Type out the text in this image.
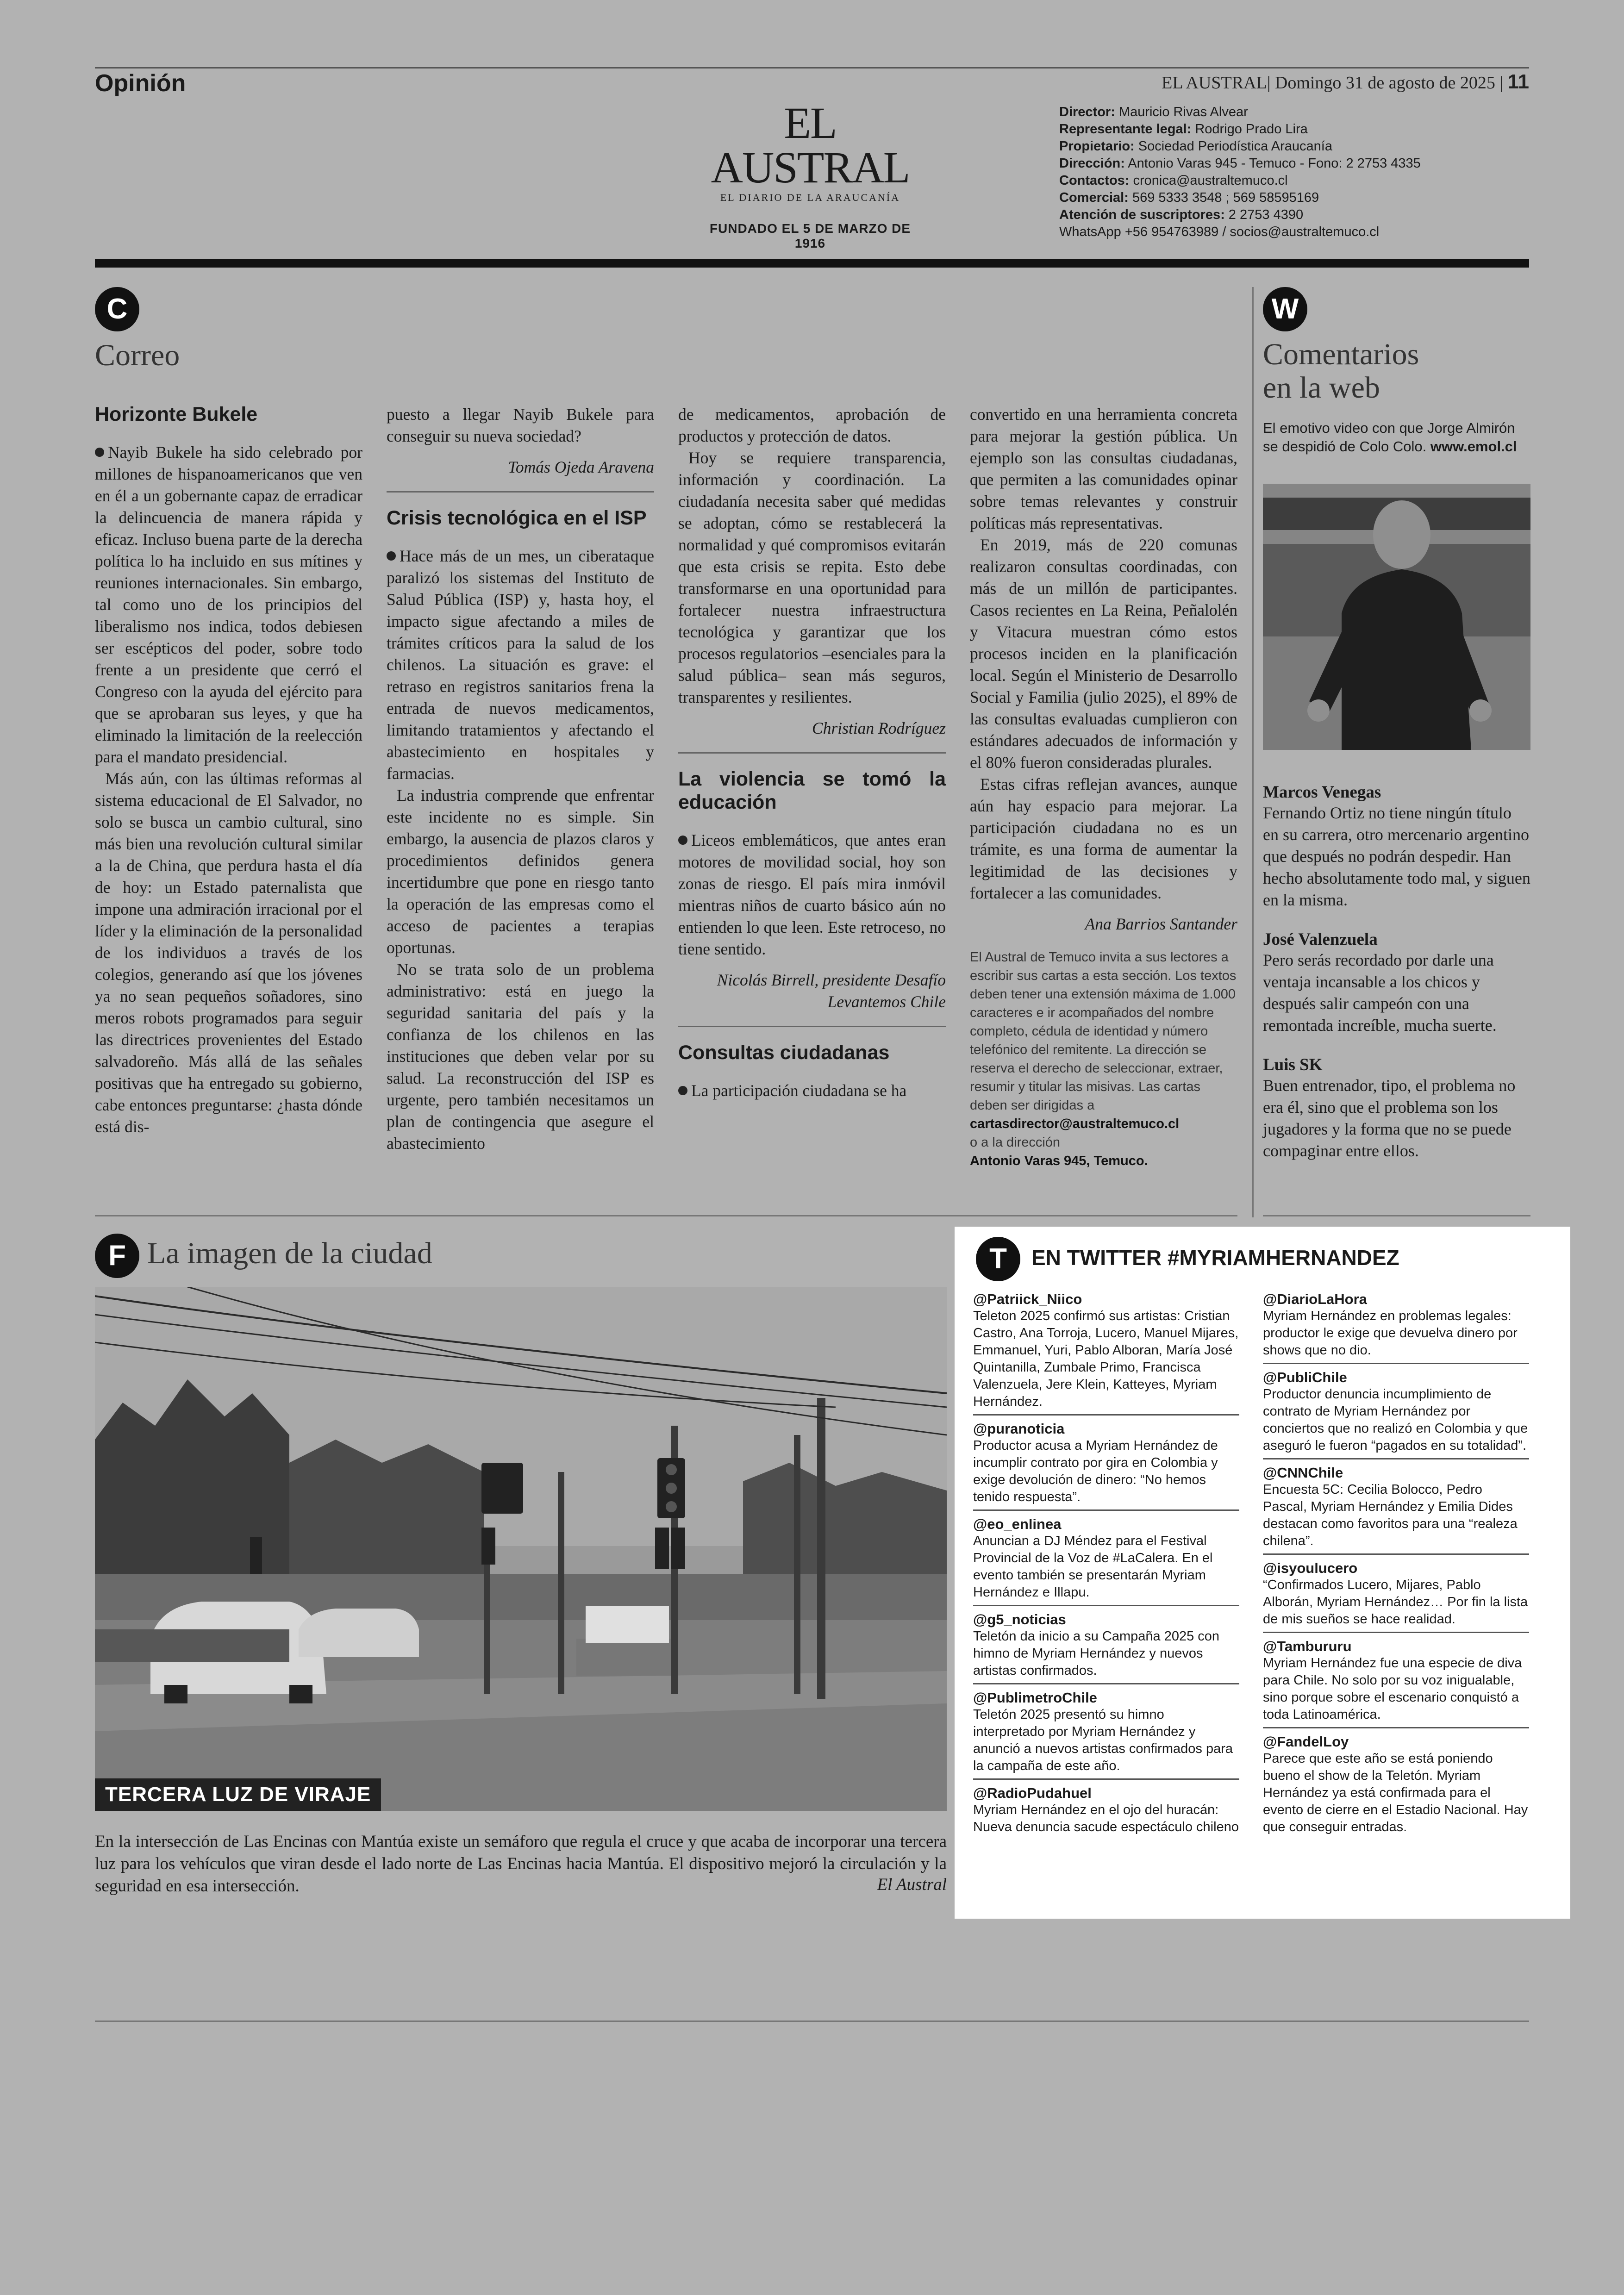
Opinión	EL AUSTRAL| Domingo 31 de agosto de 2025 | 11
EL AUSTRAL
EL DIARIO DE LA ARAUCANÍA
FUNDADO EL 5 DE MARZO DE 1916
Director: Mauricio Rivas Alvear
Representante legal: Rodrigo Prado Lira
Propietario: Sociedad Periodística Araucanía
Dirección: Antonio Varas 945 - Temuco - Fono: 2 2753 4335
Contactos: cronica@australtemuco.cl
Comercial: 569 5333 3548 ; 569 58595169
Atención de suscriptores: 2 2753 4390
WhatsApp +56 954763989 / socios@australtemuco.cl
C
Correo
Horizonte Bukele

Nayib Bukele ha sido celebrado por millones de hispanoamericanos que ven en él a un gobernante capaz de erradicar la delincuencia de manera rápida y eficaz. Incluso buena parte de la derecha política lo ha incluido en sus mítines y reuniones internacionales. Sin embargo, tal como uno de los principios del liberalismo nos indica, todos debiesen ser escépticos del poder, sobre todo frente a un presidente que cerró el Congreso con la ayuda del ejército para que se aprobaran sus leyes, y que ha eliminado la limitación de la reelección para el mandato presidencial.

Más aún, con las últimas reformas al sistema educacional de El Salvador, no solo se busca un cambio cultural, sino más bien una revolución cultural similar a la de China, que perdura hasta el día de hoy: un Estado paternalista que impone una admiración irracional por el líder y la eliminación de la personalidad de los individuos a través de los colegios, generando así que los jóvenes ya no sean pequeños soñadores, sino meros robots programados para seguir las directrices provenientes del Estado salvadoreño. Más allá de las señales positivas que ha entregado su gobierno, cabe entonces preguntarse: ¿hasta dónde está dis-

puesto a llegar Nayib Bukele para conseguir su nueva sociedad?

Tomás Ojeda Aravena
Crisis tecnológica en el ISP

Hace más de un mes, un ciberataque paralizó los sistemas del Instituto de Salud Pública (ISP) y, hasta hoy, el impacto sigue afectando a miles de trámites críticos para la salud de los chilenos. La situación es grave: el retraso en registros sanitarios frena la entrada de nuevos medicamentos, limitando tratamientos y afectando el abastecimiento en hospitales y farmacias.

La industria comprende que enfrentar este incidente no es simple. Sin embargo, la ausencia de plazos claros y procedimientos definidos genera incertidumbre que pone en riesgo tanto la operación de las empresas como el acceso de pacientes a terapias oportunas.

No se trata solo de un problema administrativo: está en juego la seguridad sanitaria del país y la confianza de los chilenos en las instituciones que deben velar por su salud. La reconstrucción del ISP es urgente, pero también necesitamos un plan de contingencia que asegure el abastecimiento

de medicamentos, aprobación de productos y protección de datos.

Hoy se requiere transparencia, información y coordinación. La ciudadanía necesita saber qué medidas se adoptan, cómo se restablecerá la normalidad y qué compromisos evitarán que esta crisis se repita. Esto debe transformarse en una oportunidad para fortalecer nuestra infraestructura tecnológica y garantizar que los procesos regulatorios –esenciales para la salud pública– sean más seguros, transparentes y resilientes.

Christian Rodríguez
La violencia se tomó la educación

Liceos emblemáticos, que antes eran motores de movilidad social, hoy son zonas de riesgo. El país mira inmóvil mientras niños de cuarto básico aún no entienden lo que leen. Este retroceso, no tiene sentido.

Nicolás Birrell, presidente Desafío Levantemos Chile
Consultas ciudadanas

La participación ciudadana se ha

convertido en una herramienta concreta para mejorar la gestión pública. Un ejemplo son las consultas ciudadanas, que permiten a las comunidades opinar sobre temas relevantes y construir políticas más representativas.

En 2019, más de 220 comunas realizaron consultas coordinadas, con más de un millón de participantes. Casos recientes en La Reina, Peñalolén y Vitacura muestran cómo estos procesos inciden en la planificación local. Según el Ministerio de Desarrollo Social y Familia (julio 2025), el 89% de las consultas evaluadas cumplieron con estándares adecuados de información y el 80% fueron consideradas plurales.

Estas cifras reflejan avances, aunque aún hay espacio para mejorar. La participación ciudadana no es un trámite, es una forma de aumentar la legitimidad de las decisiones y fortalecer a las comunidades.

Ana Barrios Santander
El Austral de Temuco invita a sus lectores a escribir sus cartas a esta sección. Los textos deben tener una extensión máxima de 1.000 caracteres e ir acompañados del nombre completo, cédula de identidad y número telefónico del remitente. La dirección se reserva el derecho de seleccionar, extraer, resumir y titular las misivas. Las cartas deben ser dirigidas a
cartasdirector@australtemuco.cl
o a la dirección
Antonio Varas 945, Temuco.
W
Comentarios
en la web
El emotivo video con que Jorge Almirón se despidió de Colo Colo. www.emol.cl
Marcos Venegas

Fernando Ortiz no tiene ningún título en su carrera, otro mercenario argentino que después no podrán despedir. Han hecho absolutamente todo mal, y siguen en la misma.

José Valenzuela

Pero serás recordado por darle una ventaja incansable a los chicos y después salir campeón con una remontada increíble, mucha suerte.

Luis SK

Buen entrenador, tipo, el problema no era él, sino que el problema son los jugadores y la forma que no se puede compaginar entre ellos.

F La imagen de la ciudad
TERCERA LUZ DE VIRAJE
En la intersección de Las Encinas con Mantúa existe un semáforo que regula el cruce y que acaba de incorporar una tercera luz para los vehículos que viran desde el lado norte de Las Encinas hacia Mantúa. El dispositivo mejoró la circulación y la seguridad en esa intersección.	El Austral
T	EN TWITTER #MYRIAMHERNANDEZ
@Patriick_Niico
Teleton 2025 confirmó sus artistas: Cristian Castro, Ana Torroja, Lucero, Manuel Mijares, Emmanuel, Yuri, Pablo Alboran, María José Quintanilla, Zumbale Primo, Francisca Valenzuela, Jere Klein, Katteyes, Myriam Hernández.
@puranoticia
Productor acusa a Myriam Hernández de incumplir contrato por gira en Colombia y exige devolución de dinero: “No hemos tenido respuesta”.
@eo_enlinea
Anuncian a DJ Méndez para el Festival Provincial de la Voz de #LaCalera. En el evento también se presentarán Myriam Hernández e Illapu.
@g5_noticias
Teletón da inicio a su Campaña 2025 con himno de Myriam Hernández y nuevos artistas confirmados.
@PublimetroChile
Teletón 2025 presentó su himno interpretado por Myriam Hernández y anunció a nuevos artistas confirmados para la campaña de este año.
@RadioPudahuel
Myriam Hernández en el ojo del huracán: Nueva denuncia sacude espectáculo chileno
@DiarioLaHora
Myriam Hernández en problemas legales: productor le exige que devuelva dinero por shows que no dio.
@PubliChile
Productor denuncia incumplimiento de contrato de Myriam Hernández por conciertos que no realizó en Colombia y que aseguró le fueron “pagados en su totalidad”.
@CNNChile
Encuesta 5C: Cecilia Bolocco, Pedro Pascal, Myriam Hernández y Emilia Dides destacan como favoritos para una “realeza chilena”.
@isyoulucero
“Confirmados Lucero, Mijares, Pablo Alborán, Myriam Hernández… Por fin la lista de mis sueños se hace realidad.
@Tambururu
Myriam Hernández fue una especie de diva para Chile. No solo por su voz inigualable, sino porque sobre el escenario conquistó a toda Latinoamérica.
@FandelLoy
Parece que este año se está poniendo bueno el show de la Teletón. Myriam Hernández ya está confirmada para el evento de cierre en el Estadio Nacional. Hay que conseguir entradas.
